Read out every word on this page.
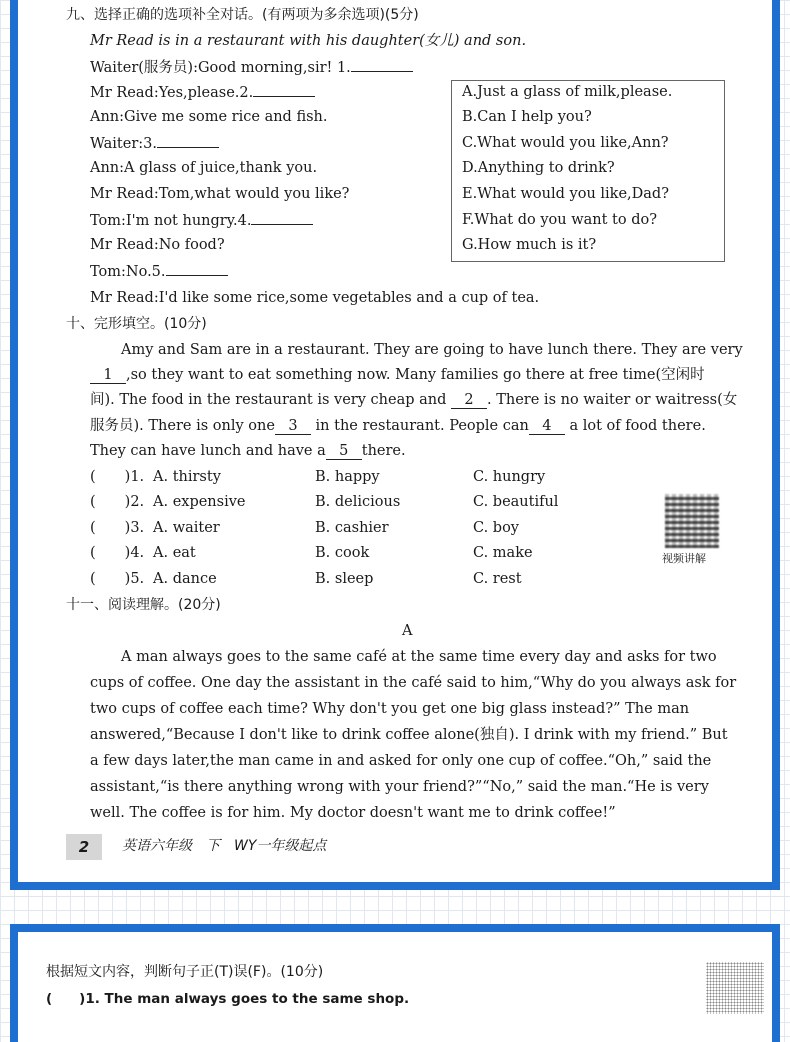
九、选择正确的选项补全对话。(有两项为多余选项)(5分)
Mr Read is in a restaurant with his daughter(女儿) and son.
Waiter(服务员):Good morning,sir! 1.
Mr Read:Yes,please.2.
Ann:Give me some rice and fish.
Waiter:3.
Ann:A glass of juice,thank you.
Mr Read:Tom,what would you like?
Tom:I'm not hungry.4.
Mr Read:No food?
Tom:No.5.
Mr Read:I'd like some rice,some vegetables and a cup of tea.
A.Just a glass of milk,please.
B.Can I help you?
C.What would you like,Ann?
D.Anything to drink?
E.What would you like,Dad?
F.What do you want to do?
G.How much is it?
十、完形填空。(10分)
Amy and Sam are in a restaurant. They are going to have lunch there. They are very
1 ,so they want to eat something now. Many families go there at free time(空闲时
间). The food in the restaurant is very cheap and 2 . There is no waiter or waitress(女
服务员). There is only one 3 in the restaurant. People can 4 a lot of food there.
They can have lunch and have a 5 there.
(　　)1. A. thirsty	B. happy	C. hungry
(　　)2. A. expensive	B. delicious	C. beautiful
(　　)3. A. waiter	B. cashier	C. boy
(　　)4. A. eat	B. cook	C. make
(　　)5. A. dance	B. sleep	C. rest
视频讲解
十一、阅读理解。(20分)
A
A man always goes to the same café at the same time every day and asks for two
cups of coffee. One day the assistant in the café said to him,“Why do you always ask for
two cups of coffee each time? Why don't you get one big glass instead?” The man
answered,“Because I don't like to drink coffee alone(独自). I drink with my friend.” But
a few days later,the man came in and asked for only one cup of coffee.“Oh,” said the
assistant,“is there anything wrong with your friend?”“No,” said the man.“He is very
well. The coffee is for him. My doctor doesn't want me to drink coffee!”
2	英语六年级　下　WY一年级起点
根据短文内容，判断句子正(T)误(F)。(10分)
(　　)1. The man always goes to the same shop.
